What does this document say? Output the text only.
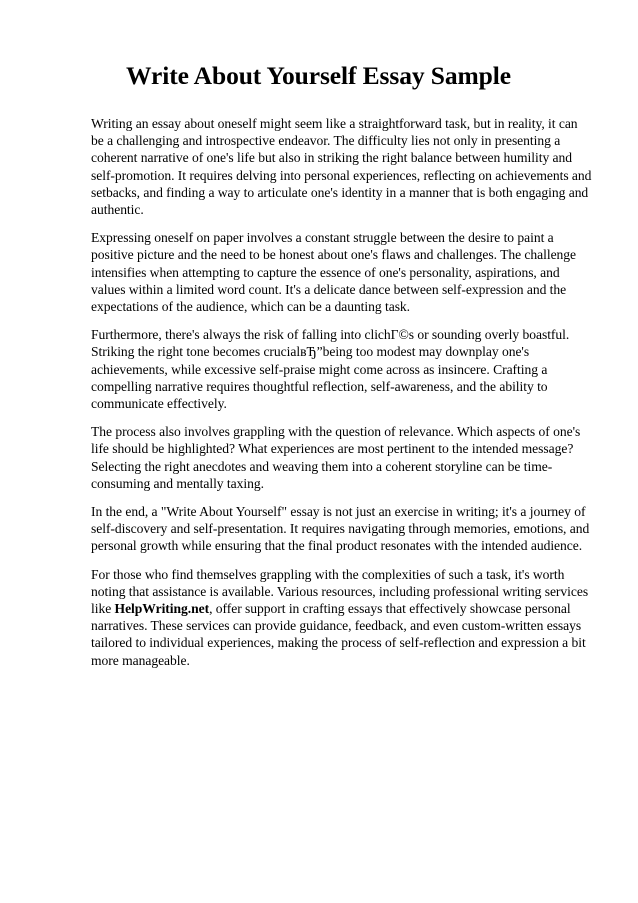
Write About Yourself Essay Sample

Writing an essay about oneself might seem like a straightforward task, but in reality, it can be a challenging and introspective endeavor. The difficulty lies not only in presenting a coherent narrative of one's life but also in striking the right balance between humility and self-promotion. It requires delving into personal experiences, reflecting on achievements and setbacks, and finding a way to articulate one's identity in a manner that is both engaging and authentic.

Expressing oneself on paper involves a constant struggle between the desire to paint a positive picture and the need to be honest about one's flaws and challenges. The challenge intensifies when attempting to capture the essence of one's personality, aspirations, and values within a limited word count. It's a delicate dance between self-expression and the expectations of the audience, which can be a daunting task.

Furthermore, there's always the risk of falling into clichГ©s or sounding overly boastful. Striking the right tone becomes crucialвЂ”being too modest may downplay one's achievements, while excessive self-praise might come across as insincere. Crafting a compelling narrative requires thoughtful reflection, self-awareness, and the ability to communicate effectively.

The process also involves grappling with the question of relevance. Which aspects of one's life should be highlighted? What experiences are most pertinent to the intended message? Selecting the right anecdotes and weaving them into a coherent storyline can be time-consuming and mentally taxing.

In the end, a "Write About Yourself" essay is not just an exercise in writing; it's a journey of self-discovery and self-presentation. It requires navigating through memories, emotions, and personal growth while ensuring that the final product resonates with the intended audience.

For those who find themselves grappling with the complexities of such a task, it's worth noting that assistance is available. Various resources, including professional writing services like HelpWriting.net, offer support in crafting essays that effectively showcase personal narratives. These services can provide guidance, feedback, and even custom-written essays tailored to individual experiences, making the process of self-reflection and expression a bit more manageable.
